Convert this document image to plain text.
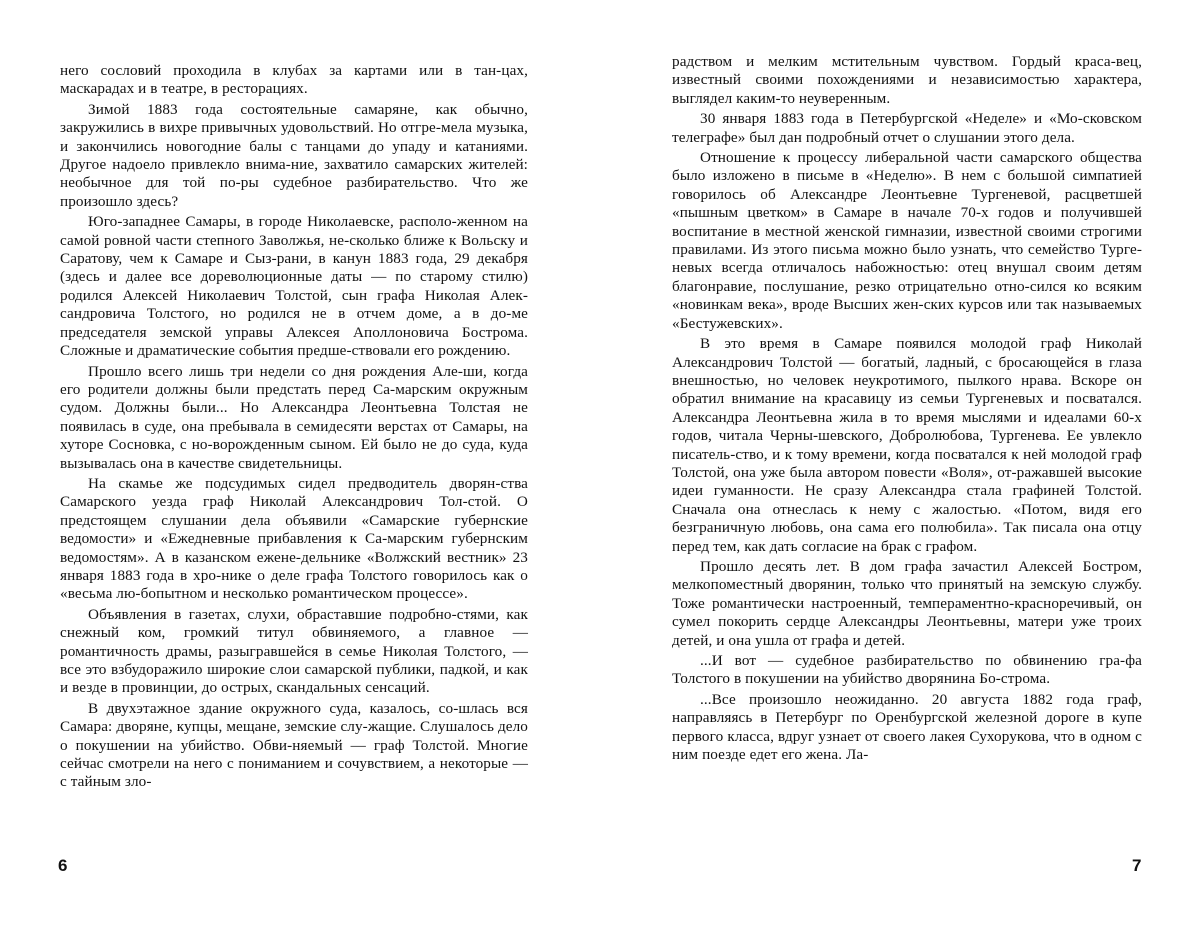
него сословий проходила в клубах за картами или в тан-цах, маскарадах и в театре, в ресторациях.

Зимой 1883 года состоятельные самаряне, как обычно, закружились в вихре привычных удовольствий. Но отгре-мела музыка, и закончились новогодние балы с танцами до упаду и катаниями. Другое надоело привлекло внима-ние, захватило самарских жителей: необычное для той по-ры судебное разбирательство. Что же произошло здесь?

Юго-западнее Самары, в городе Николаевске, располо-женном на самой ровной части степного Заволжья, не-сколько ближе к Вольску и Саратову, чем к Самаре и Сыз-рани, в канун 1883 года, 29 декабря (здесь и далее все дореволюционные даты — по старому стилю) родился Алексей Николаевич Толстой, сын графа Николая Алек-сандровича Толстого, но родился не в отчем доме, а в до-ме председателя земской управы Алексея Аполлоновича Бострома. Сложные и драматические события предше-ствовали его рождению.

Прошло всего лишь три недели со дня рождения Але-ши, когда его родители должны были предстать перед Са-марским окружным судом. Должны были... Но Александра Леонтьевна Толстая не появилась в суде, она пребывала в семидесяти верстах от Самары, на хуторе Сосновка, с но-ворожденным сыном. Ей было не до суда, куда вызывалась она в качестве свидетельницы.

На скамье же подсудимых сидел предводитель дворян-ства Самарского уезда граф Николай Александрович Тол-стой. О предстоящем слушании дела объявили «Самарские губернские ведомости» и «Ежедневные прибавления к Са-марским губернским ведомостям». А в казанском еженe-дельнике «Волжский вестник» 23 января 1883 года в хро-нике о деле графа Толстого говорилось как о «весьма лю-бопытном и несколько романтическом процессе».

Объявления в газетах, слухи, обраставшие подробно-стями, как снежный ком, громкий титул обвиняемого, а главное — романтичность драмы, разыгравшейся в семье Николая Толстого, — все это взбудоражило широкие слои самарской публики, падкой, и как и везде в провинции, до острых, скандальных сенсаций.

В двухэтажное здание окружного суда, казалось, со-шлась вся Самара: дворяне, купцы, мещане, земские слу-жащие. Слушалось дело о покушении на убийство. Обви-няемый — граф Толстой. Многие сейчас смотрели на него с пониманием и сочувствием, а некоторые — с тайным зло-

6

радством и мелким мстительным чувством. Гордый краса-вец, известный своими похождениями и независимостью характера, выглядел каким-то неуверенным.

30 января 1883 года в Петербургской «Неделе» и «Мо-сковском телеграфе» был дан подробный отчет о слушании этого дела.

Отношение к процессу либеральной части самарского общества было изложено в письме в «Неделю». В нем с большой симпатией говорилось об Александре Леонтьевне Тургеневой, расцветшей «пышным цветком» в Самаре в начале 70-х годов и получившей воспитание в местной женской гимназии, известной своими строгими правилами. Из этого письма можно было узнать, что семейство Турге-невых всегда отличалось набожностью: отец внушал своим детям благонравие, послушание, резко отрицательно отно-сился ко всяким «новинкам века», вроде Высших жен-ских курсов или так называемых «Бестужевских».

В это время в Самаре появился молодой граф Николай Александрович Толстой — богатый, ладный, с бросающейся в глаза внешностью, но человек неукротимого, пылкого нрава. Вскоре он обратил внимание на красавицу из семьи Тургеневых и посватался. Александра Леонтьевна жила в то время мыслями и идеалами 60-х годов, читала Черны-шевского, Добролюбова, Тургенева. Ее увлекло писатель-ство, и к тому времени, когда посватался к ней молодой граф Толстой, она уже была автором повести «Воля», от-ражавшей высокие идеи гуманности. Не сразу Александра стала графиней Толстой. Сначала она отнеслась к нему с жалостью. «Потом, видя его безграничную любовь, она сама его полюбила». Так писала она отцу перед тем, как дать согласие на брак с графом.

Прошло десять лет. В дом графа зачастил Алексей Бостром, мелкопоместный дворянин, только что принятый на земскую службу. Тоже романтически настроенный, темпераментно-красноречивый, он сумел покорить сердце Александры Леонтьевны, матери уже троих детей, и она ушла от графа и детей.

...И вот — судебное разбирательство по обвинению гра-фа Толстого в покушении на убийство дворянина Бо-строма.

...Все произошло неожиданно. 20 августа 1882 года граф, направляясь в Петербург по Оренбургской железной дороге в купе первого класса, вдруг узнает от своего лакея Сухорукова, что в одном с ним поезде едет его жена. Ла-

7
